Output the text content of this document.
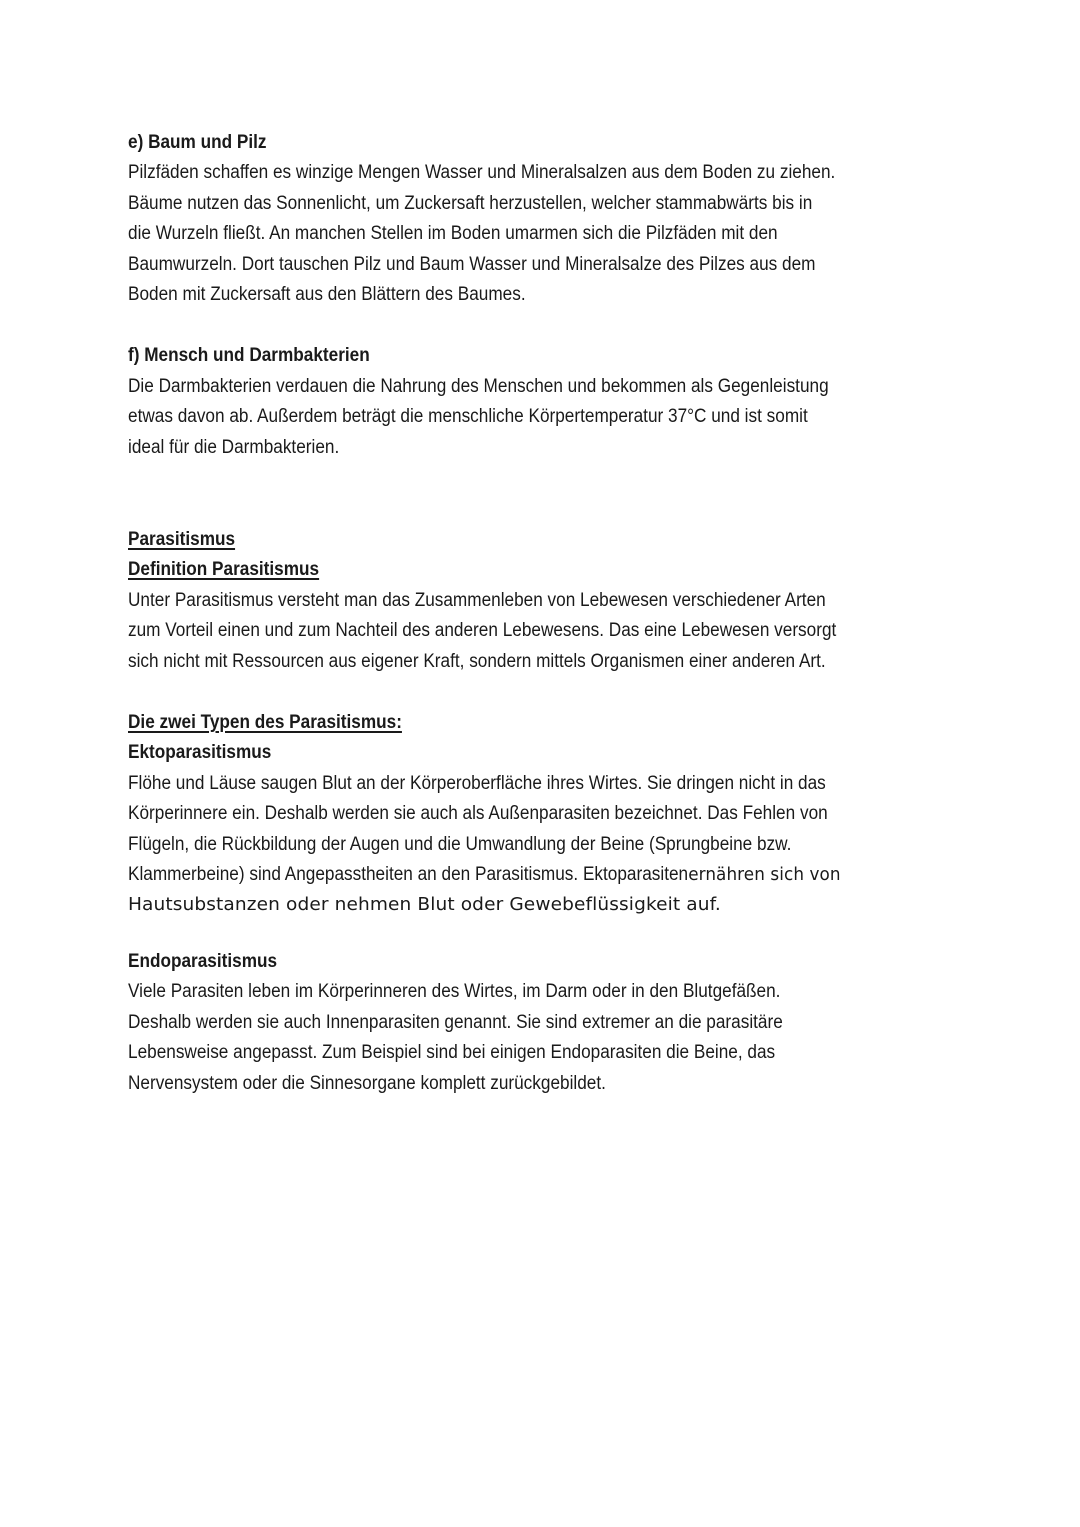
e) Baum und Pilz
Pilzfäden schaffen es winzige Mengen Wasser und Mineralsalzen aus dem Boden zu ziehen.
Bäume nutzen das Sonnenlicht, um Zuckersaft herzustellen, welcher stammabwärts bis in
die Wurzeln fließt. An manchen Stellen im Boden umarmen sich die Pilzfäden mit den
Baumwurzeln. Dort tauschen Pilz und Baum Wasser und Mineralsalze des Pilzes aus dem
Boden mit Zuckersaft aus den Blättern des Baumes.
f) Mensch und Darmbakterien
Die Darmbakterien verdauen die Nahrung des Menschen und bekommen als Gegenleistung
etwas davon ab. Außerdem beträgt die menschliche Körpertemperatur 37°C und ist somit
ideal für die Darmbakterien.
Parasitismus
Definition Parasitismus
Unter Parasitismus versteht man das Zusammenleben von Lebewesen verschiedener Arten
zum Vorteil einen und zum Nachteil des anderen Lebewesens. Das eine Lebewesen versorgt
sich nicht mit Ressourcen aus eigener Kraft, sondern mittels Organismen einer anderen Art.
Die zwei Typen des Parasitismus:
Ektoparasitismus
Flöhe und Läuse saugen Blut an der Körperoberfläche ihres Wirtes. Sie dringen nicht in das
Körperinnere ein. Deshalb werden sie auch als Außenparasiten bezeichnet. Das Fehlen von
Flügeln, die Rückbildung der Augen und die Umwandlung der Beine (Sprungbeine bzw.
Klammerbeine) sind Angepasstheiten an den Parasitismus. Ektoparasitenernähren sich von
Hautsubstanzen oder nehmen Blut oder Gewebeflüssigkeit auf.
Endoparasitismus
Viele Parasiten leben im Körperinneren des Wirtes, im Darm oder in den Blutgefäßen.
Deshalb werden sie auch Innenparasiten genannt. Sie sind extremer an die parasitäre
Lebensweise angepasst. Zum Beispiel sind bei einigen Endoparasiten die Beine, das
Nervensystem oder die Sinnesorgane komplett zurückgebildet.
